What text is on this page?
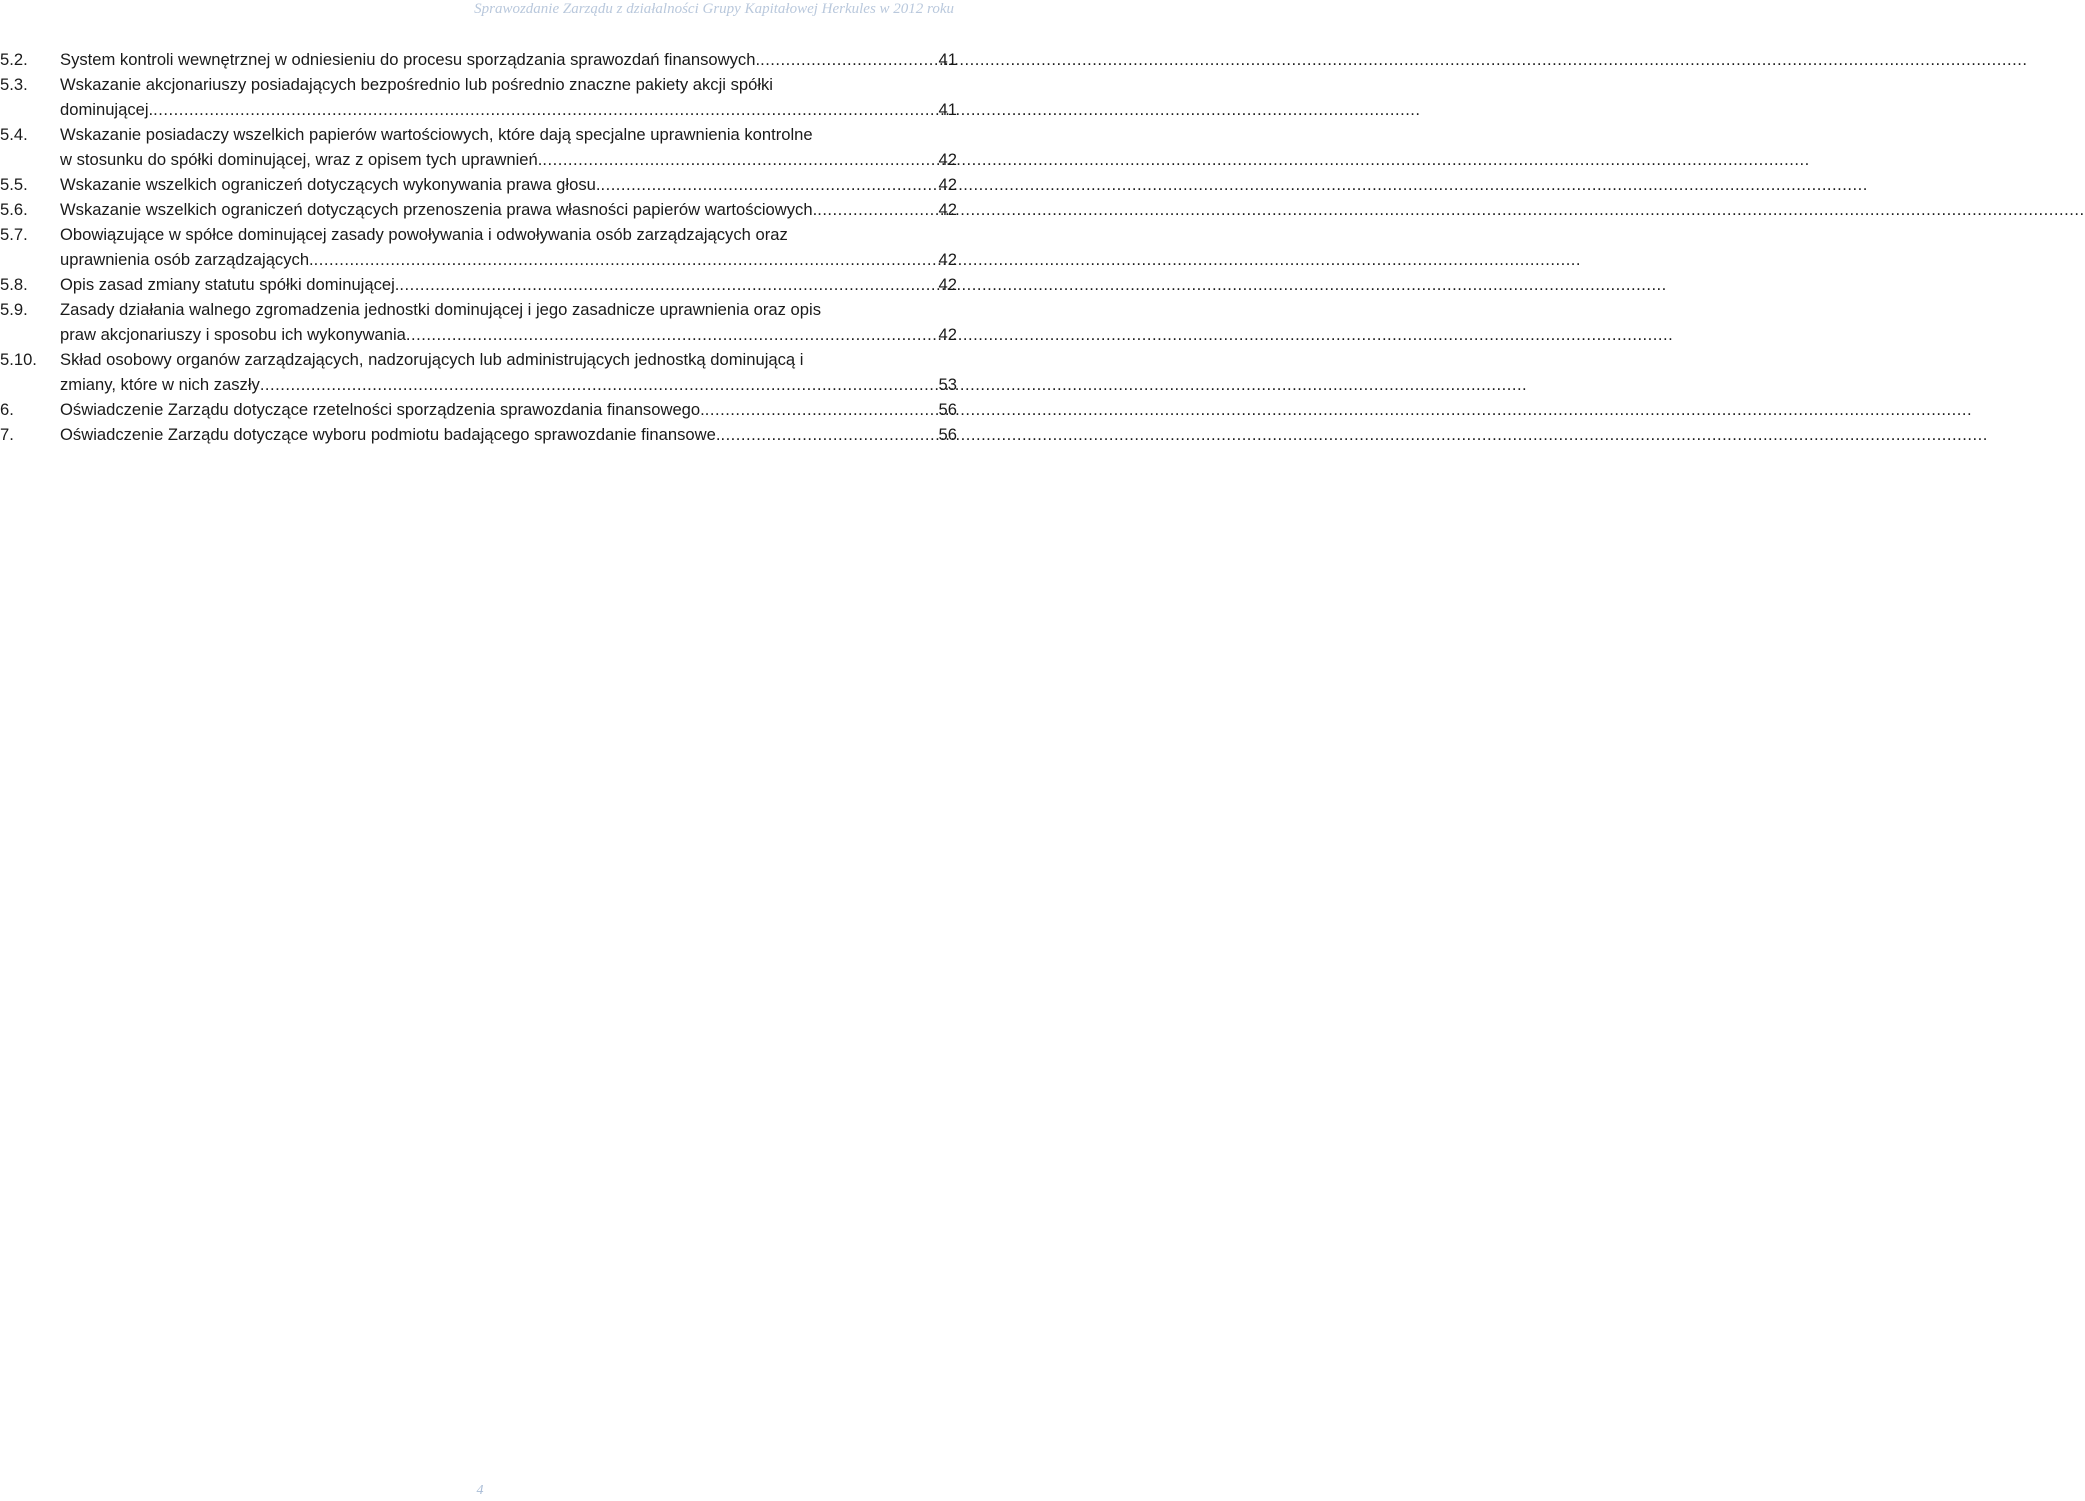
Sprawozdanie Zarządu z działalności Grupy Kapitałowej Herkules w 2012 roku
5.2.	System kontroli wewnętrznej w odniesieniu do procesu sporządzania sprawozdań finansowych. .....	41
5.3.	Wskazanie akcjonariuszy posiadających bezpośrednio lub pośrednio znaczne pakiety akcji spółki
dominującej. .....	41
5.4.	Wskazanie posiadaczy wszelkich papierów wartościowych, które dają specjalne uprawnienia kontrolne
w stosunku do spółki dominującej, wraz z opisem tych uprawnień. .....	42
5.5.	Wskazanie wszelkich ograniczeń dotyczących wykonywania prawa głosu. .....	42
5.6.	Wskazanie wszelkich ograniczeń dotyczących przenoszenia prawa własności papierów wartościowych. .....	42
5.7.	Obowiązujące w spółce dominującej zasady powoływania i odwoływania osób zarządzających oraz
uprawnienia osób zarządzających. .....	42
5.8.	Opis zasad zmiany statutu spółki dominującej. .....	42
5.9.	Zasady działania walnego zgromadzenia jednostki dominującej i jego zasadnicze uprawnienia oraz opis
praw akcjonariuszy i sposobu ich wykonywania .....	42
5.10.	Skład osobowy organów zarządzających, nadzorujących lub administrujących jednostką dominującą i
zmiany, które w nich zaszły .....	53
6.	Oświadczenie Zarządu dotyczące rzetelności sporządzenia sprawozdania finansowego. .....	56
7.	Oświadczenie Zarządu dotyczące wyboru podmiotu badającego sprawozdanie finansowe. .....	56
4
